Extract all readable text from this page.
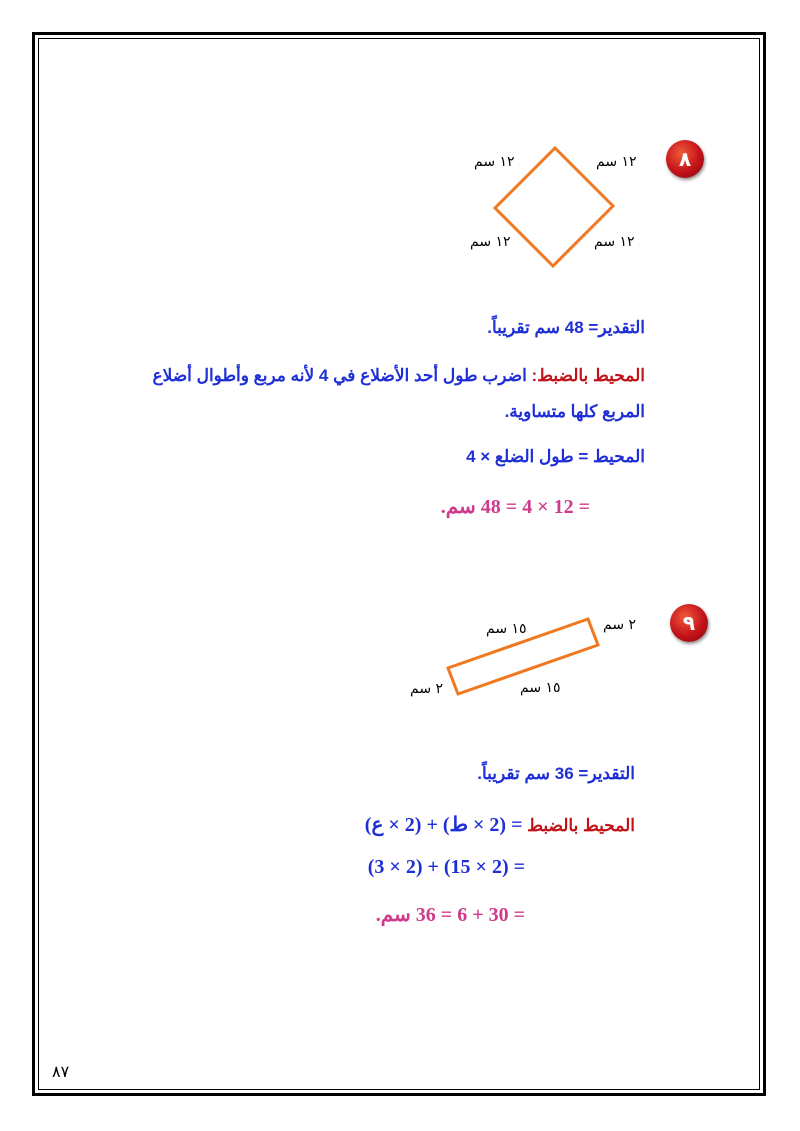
٨
١٢ سم	١٢ سم
١٢ سم	١٢ سم
التقدير= 48 سم تقريباً.
المحيط بالضبط: اضرب طول أحد الأضلاع في 4 لأنه مربع وأطوال أضلاع
المربع كلها متساوية.
المحيط = طول الضلع × 4
= 12 × 4 = 48 سم.
٩
١٥ سم	٢ سم
١٥ سم
٢ سم
التقدير= 36 سم تقريباً.
المحيط بالضبط = (2 × ط) + (2 × ع)
= (2 × 15) + (2 × 3)
= 30 + 6 = 36 سم.
٨٧
